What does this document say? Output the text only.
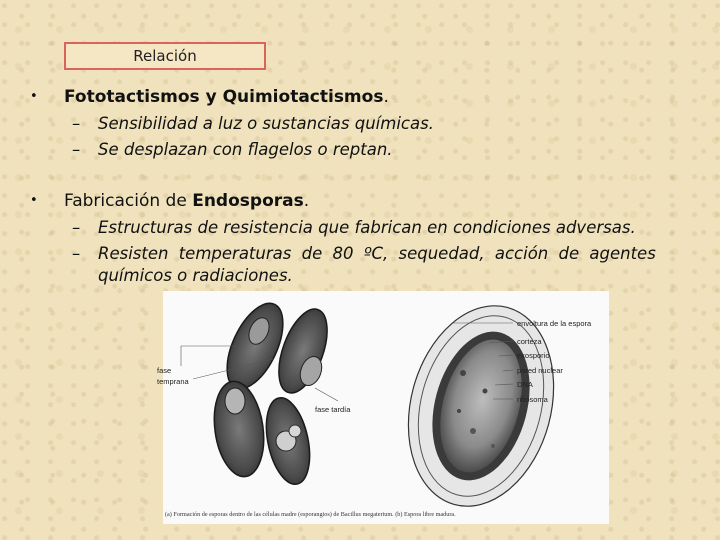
Relación
• Fototactismos y Quimiotactismos.
– Sensibilidad a luz o sustancias químicas.
– Se desplazan con flagelos o reptan.
• Fabricación de Endosporas.
– Estructuras de resistencia que fabrican en condiciones adversas.
– Resisten temperaturas de 80 ºC, sequedad, acción de agentes
químicos o radiaciones.
fase
temprana
fase tardía
envoltura de la espora
corteza
exosporio
pared nuclear
DNA
ribosoma
(a) Formación de esporas dentro de las células madre (esporangios) de Bacillus megaterium. (b) Espora libre madura.
